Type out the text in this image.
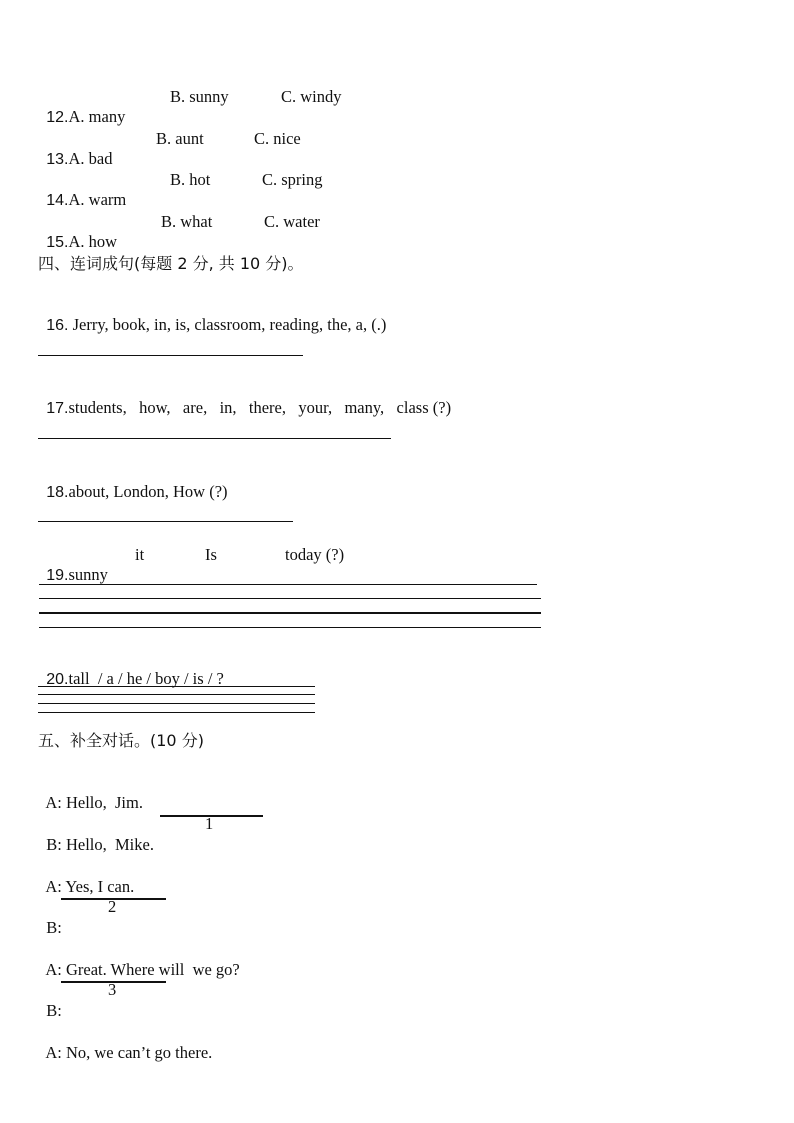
12.A. many

B. sunny	C. windy

13.A. bad

B. aunt	C. nice

14.A. warm

B. hot	C. spring

15.A. how

B. what	C. water
四、连词成句(每题 2 分, 共 10 分)。

16. Jerry, book, in, is, classroom, reading, the, a, (.)

17.students,   how,   are,   in,   there,   your,   many,   class (?)

18.about, London, How (?)

19.sunny

it	Is	today (?)

20.tall  / a / he / boy / is / ?

五、补全对话。(10 分)

A: Hello,  Jim.

B: Hello,  Mike.

1

A: Yes, I can.

B:

2

A: Great. Where will  we go?

B:

3

A: No, we can’t go there.
